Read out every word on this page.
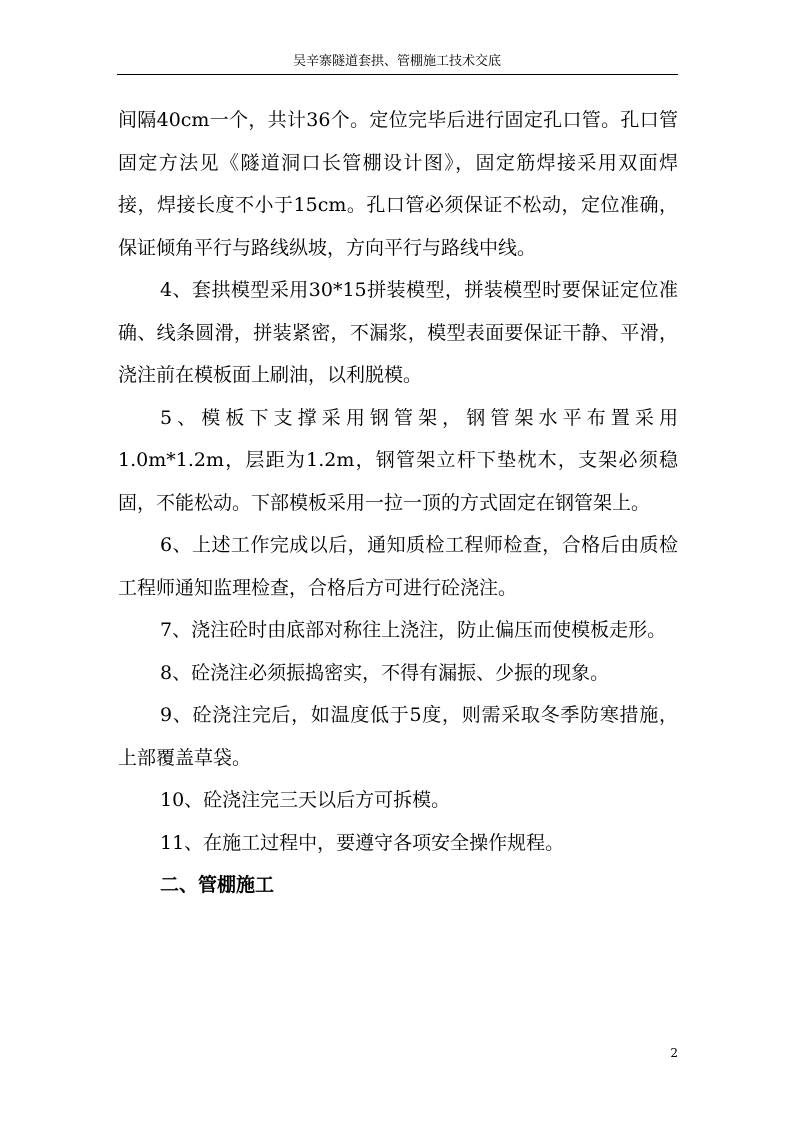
吴辛寨隧道套拱、管棚施工技术交底

间隔40cm一个，共计36个。定位完毕后进行固定孔口管。孔口管固定方法见《隧道洞口长管棚设计图》，固定筋焊接采用双面焊接，焊接长度不小于15cm。孔口管必须保证不松动，定位准确，保证倾角平行与路线纵坡，方向平行与路线中线。

4、套拱模型采用30*15拼装模型，拼装模型时要保证定位准确、线条圆滑，拼装紧密，不漏浆，模型表面要保证干静、平滑，浇注前在模板面上刷油，以利脱模。

5、模板下支撑采用钢管架，钢管架水平布置采用1.0m*1.2m，层距为1.2m，钢管架立杆下垫枕木，支架必须稳固，不能松动。下部模板采用一拉一顶的方式固定在钢管架上。

6、上述工作完成以后，通知质检工程师检查，合格后由质检工程师通知监理检查，合格后方可进行砼浇注。

7、浇注砼时由底部对称往上浇注，防止偏压而使模板走形。

8、砼浇注必须振捣密实，不得有漏振、少振的现象。

9、砼浇注完后，如温度低于5度，则需采取冬季防寒措施，上部覆盖草袋。

10、砼浇注完三天以后方可拆模。

11、在施工过程中，要遵守各项安全操作规程。

二、管棚施工

2
